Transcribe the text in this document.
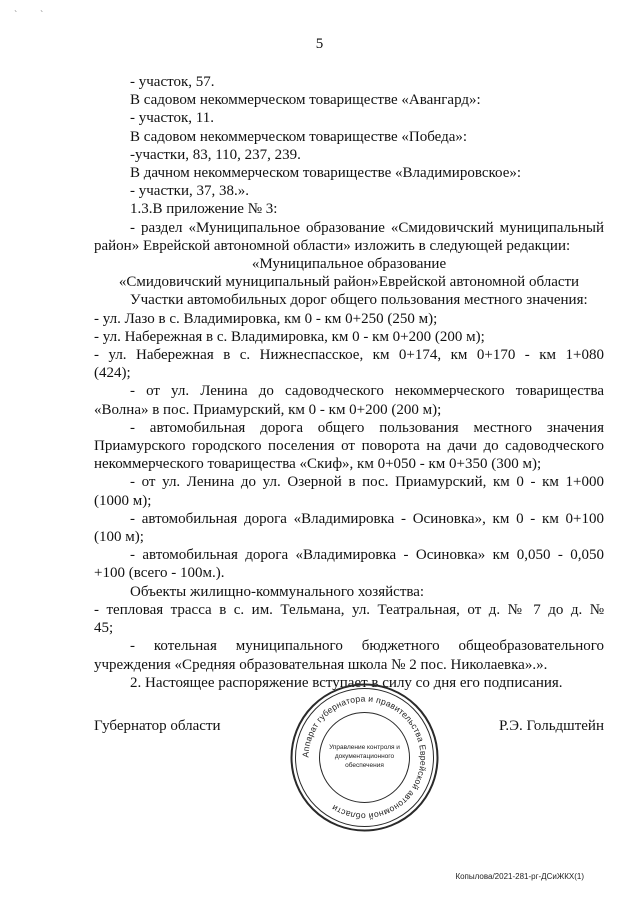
` `
5
- участок, 57.
В садовом некоммерческом товариществе «Авангард»:
- участок, 11.
В садовом некоммерческом товариществе «Победа»:
-участки, 83, 110, 237, 239.
В дачном некоммерческом товариществе «Владимировское»:
- участки, 37, 38.».
1.3.В приложение № 3:
- раздел «Муниципальное образование «Смидовичский муниципальный
район» Еврейской автономной области» изложить в следующей редакции:
«Муниципальное образование
«Смидовичский муниципальный район»Еврейской автономной области
Участки автомобильных дорог общего пользования местного значения:
- ул. Лазо в с. Владимировка, км 0 - км 0+250 (250 м);
- ул. Набережная в с. Владимировка, км 0 - км 0+200 (200 м);
- ул. Набережная в с. Нижнеспасское, км 0+174, км 0+170 - км 1+080
(424);
- от ул. Ленина до садоводческого некоммерческого товарищества
«Волна» в пос. Приамурский, км 0 - км 0+200 (200 м);
- автомобильная дорога общего пользования местного значения
Приамурского городского поселения от поворота на дачи до садоводческого
некоммерческого товарищества «Скиф», км 0+050 - км 0+350 (300 м);
- от ул. Ленина до ул. Озерной в пос. Приамурский, км 0 - км 1+000
(1000 м);
- автомобильная дорога «Владимировка - Осиновка», км 0 - км 0+100
(100 м);
- автомобильная дорога «Владимировка - Осиновка» км 0,050 - 0,050
+100 (всего - 100м.).
Объекты жилищно-коммунального хозяйства:
- тепловая трасса в с. им. Тельмана, ул. Театральная, от д. № 7 до д. №
45;
- котельная муниципального бюджетного общеобразовательного
учреждения «Средняя образовательная школа № 2 пос. Николаевка».».
2. Настоящее распоряжение вступает в силу со дня его подписания.
Губернатор области	Р.Э. Гольдштейн
Аппарат губернатора и правительства Еврейской автономной области
Управление контроля и
документационного
обеспечения
Копылова/2021-281-рг-ДСиЖКХ(1)
